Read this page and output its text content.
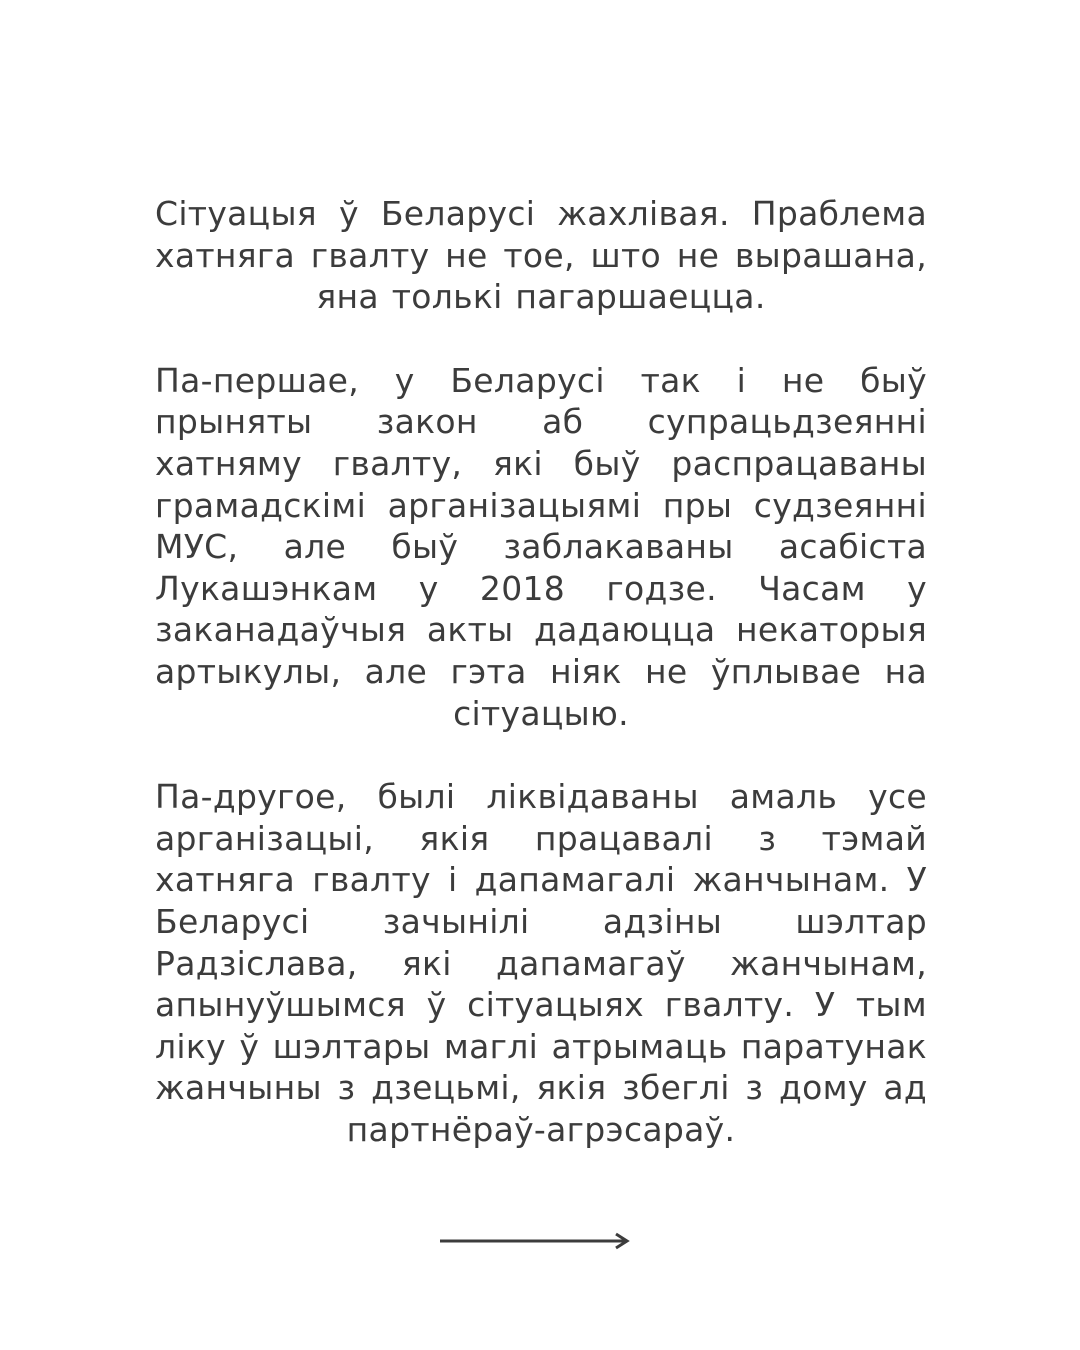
Сітуацыя ў Беларусі жахлівая. Праблема хатняга гвалту не тое, што не вырашана, яна толькі пагаршаецца.

Па-першае, у Беларусі так і не быў прыняты закон аб супрацьдзеянні хатняму гвалту, які быў распрацаваны грамадскімі арганізацыямі пры судзеянні МУС, але быў заблакаваны асабіста Лукашэнкам у 2018 годзе. Часам у заканадаўчыя акты дадаюцца некаторыя артыкулы, але гэта ніяк не ўплывае на сітуацыю.

Па-другое, былі ліквідаваны амаль усе арганізацыі, якія працавалі з тэмай хатняга гвалту і дапамагалі жанчынам. У Беларусі зачынілі адзіны шэлтар Радзіслава, які дапамагаў жанчынам, апынуўшымся ў сітуацыях гвалту. У тым ліку ў шэлтары маглі атрымаць паратунак жанчыны з дзецьмі, якія збеглі з дому ад партнёраў-агрэсараў.
